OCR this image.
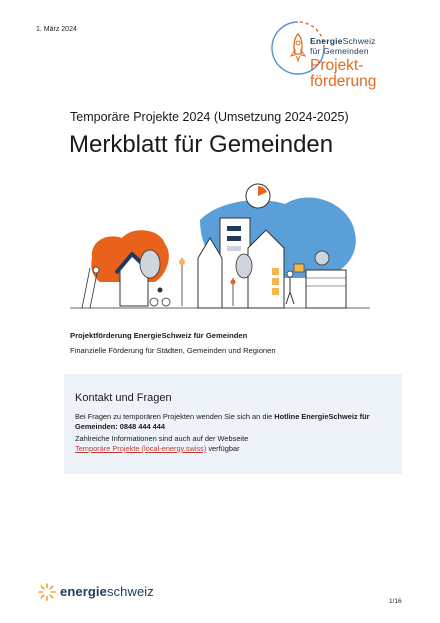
1. März 2024
EnergieSchweiz
für Gemeinden
Projekt-
förderung
Temporäre Projekte 2024 (Umsetzung 2024-2025)
Merkblatt für Gemeinden
Projektförderung EnergieSchweiz für Gemeinden
Finanzielle Förderung für Städten, Gemeinden und Regionen
Kontakt und Fragen
Bei Fragen zu temporären Projekten wenden Sie sich an die Hotline EnergieSchweiz für Gemeinden: 0848 444 444
Zahlreiche Informationen sind auch auf der Webseite
Temporäre Projekte (local-energy.swiss) verfügbar
energieschweiz
1/16
